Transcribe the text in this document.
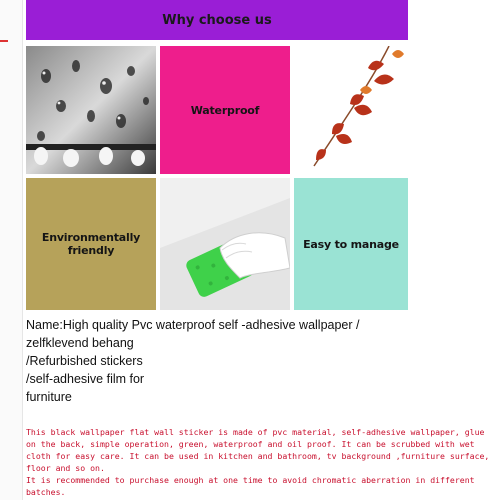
Why choose us
Waterproof
Environmentally friendly	Easy to manage
Name:High quality Pvc waterproof self -adhesive wallpaper /
zelfklevend behang
/Refurbished stickers
/self-adhesive film for
furniture

This black wallpaper flat wall sticker is made of pvc material, self-adhesive wallpaper, glue on the back, simple operation, green, waterproof and oil proof. It can be scrubbed with wet cloth for easy care. It can be used in kitchen and bathroom, tv background ,furniture surface, floor and so on.

It is recommended to purchase enough at one time to avoid chromatic aberration in different batches.
